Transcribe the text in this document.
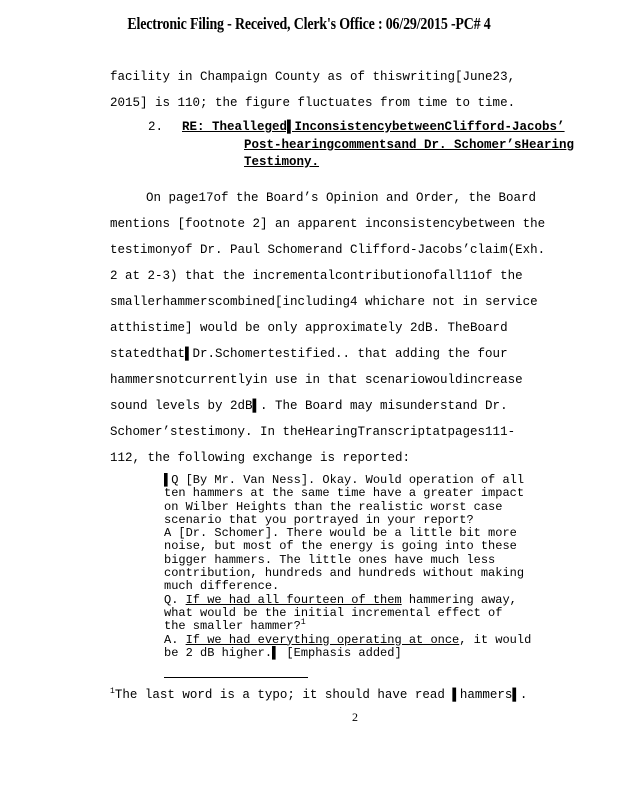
Electronic Filing - Received, Clerk's Office : 06/29/2015 -PC# 4
facility in Champaign County as of thiswriting[June23,
2015] is 110; the figure fluctuates from time to time.
2. RE: Thealleged▌InconsistencybetweenClifford-Jacobs’
Post-hearingcommentsand Dr. Schomer’sHearing
Testimony.
On page17of the Board’s Opinion and Order, the Board
mentions [footnote 2] an apparent inconsistencybetween the
testimonyof Dr. Paul Schomerand Clifford-Jacobs’claim(Exh.
2 at 2-3) that the incrementalcontributionofall11of the
smallerhammerscombined[including4 whichare not in service
atthistime] would be only approximately 2dB. TheBoard
statedthat▌Dr.Schomertestified.. that adding the four
hammersnotcurrentlyin use in that scenariowouldincrease
sound levels by 2dB▌. The Board may misunderstand Dr.
Schomer’stestimony. In theHearingTranscriptatpages111-
112, the following exchange is reported:
▌Q [By Mr. Van Ness]. Okay. Would operation of all
ten hammers at the same time have a greater impact
on Wilber Heights than the realistic worst case
scenario that you portrayed in your report?
A [Dr. Schomer]. There would be a little bit more
noise, but most of the energy is going into these
bigger hammers. The little ones have much less
contribution, hundreds and hundreds without making
much difference.
Q. If we had all fourteen of them hammering away,
what would be the initial incremental effect of
the smaller hammer?$^1$
A. If we had everything operating at once, it would
be 2 dB higher.▌ [Emphasis added]
$^1$The last word is a typo; it should have read ▌hammers▌.
2
